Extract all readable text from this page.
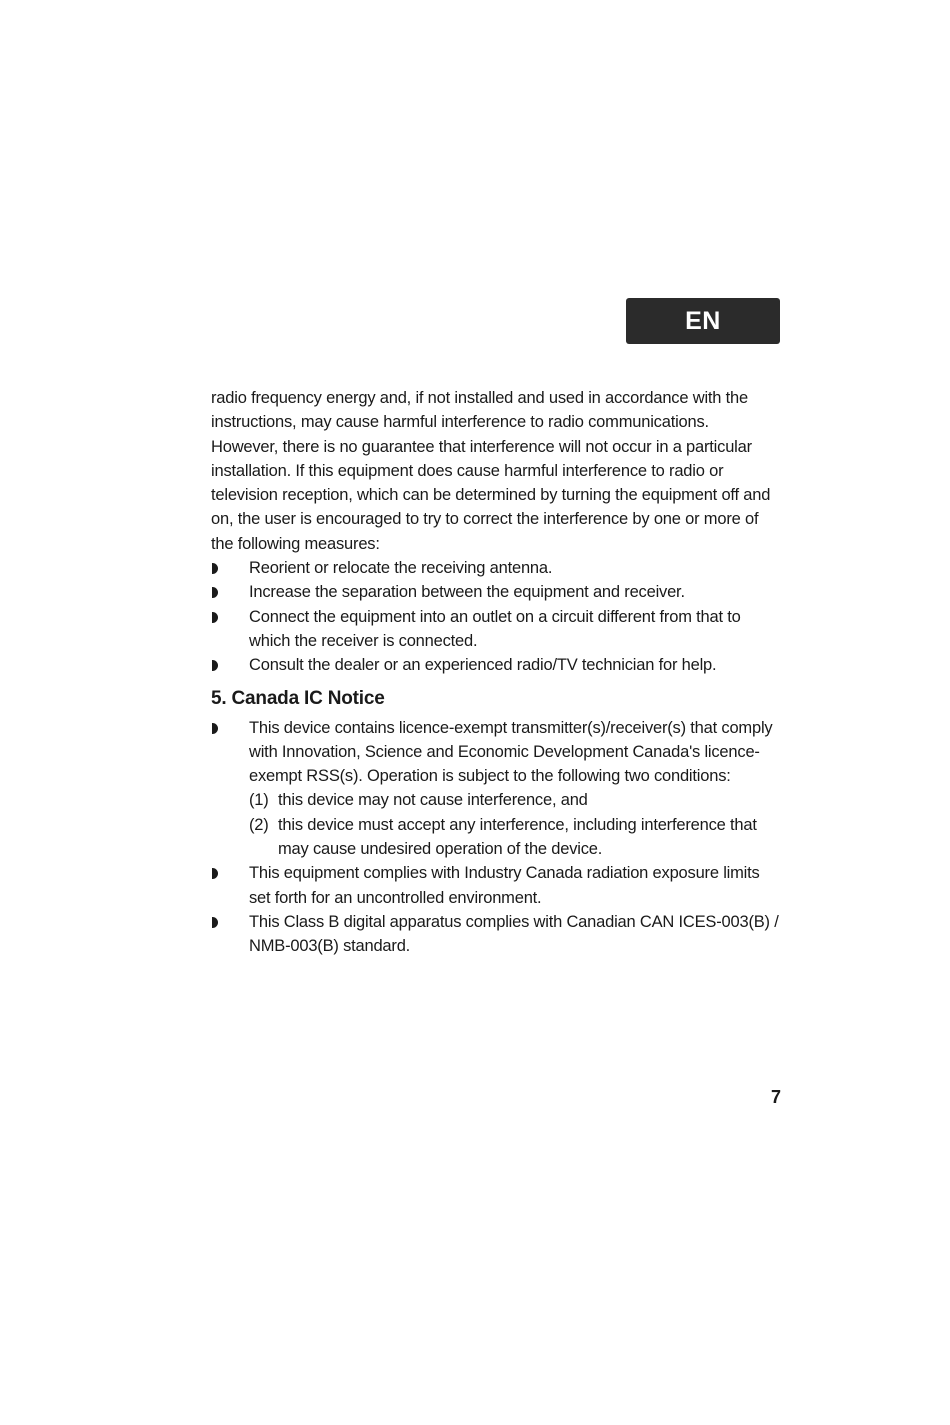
EN

radio frequency energy and, if not installed and used in accordance with the instructions, may cause harmful interference to radio communications. However, there is no guarantee that interference will not occur in a particular installation. If this equipment does cause harmful interference to radio or television reception, which can be determined by turning the equipment off and on, the user is encouraged to try to correct the interference by one or more of the following measures:

Reorient or relocate the receiving antenna.
Increase the separation between the equipment and receiver.
Connect the equipment into an outlet on a circuit different from that to which the receiver is connected.
Consult the dealer or an experienced radio/TV technician for help.
5. Canada IC Notice
This device contains licence-exempt transmitter(s)/receiver(s) that comply with Innovation, Science and Economic Development Canada's licence-exempt RSS(s). Operation is subject to the following two conditions:
(1) this device may not cause interference, and
(2) this device must accept any interference, including interference that may cause undesired operation of the device.
This equipment complies with Industry Canada radiation exposure limits set forth for an uncontrolled environment.
This Class B digital apparatus complies with Canadian CAN ICES-003(B) / NMB-003(B) standard.
7
